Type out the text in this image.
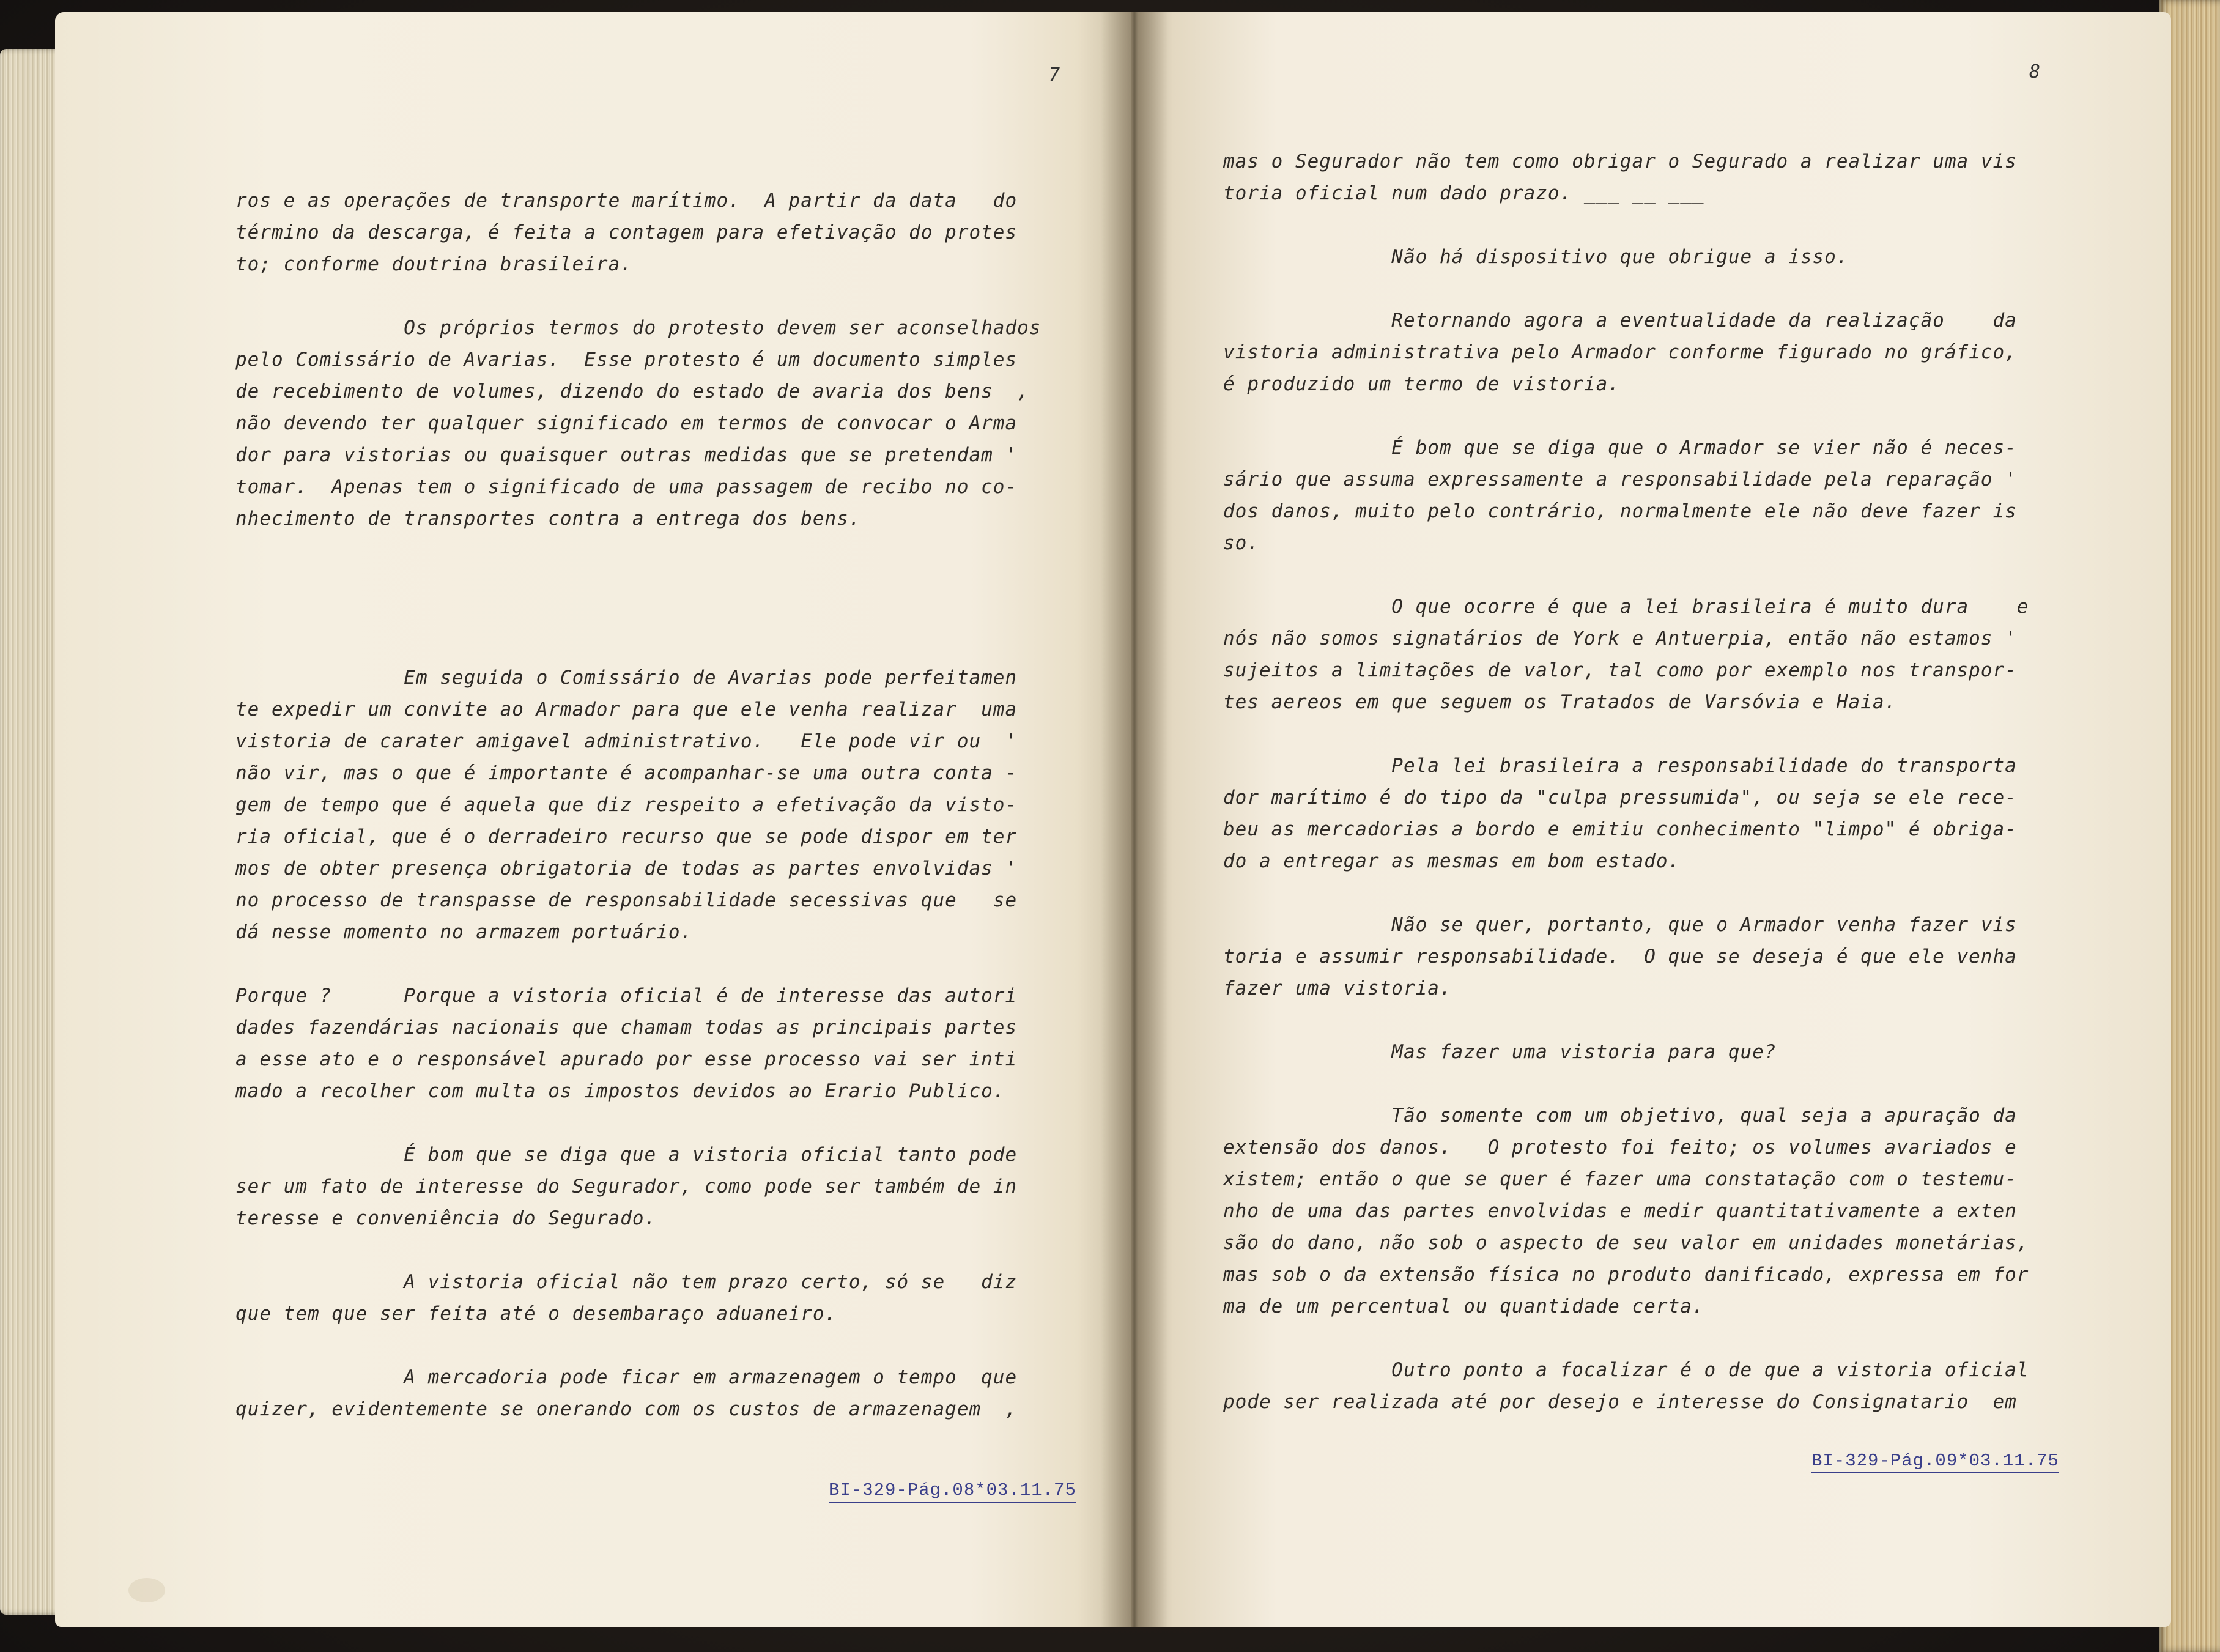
7
ros e as operações de transporte marítimo.  A partir da data   do
término da descarga, é feita a contagem para efetivação do protes
to; conforme doutrina brasileira.

Os próprios termos do protesto devem ser aconselhados
pelo Comissário de Avarias.  Esse protesto é um documento simples
de recebimento de volumes, dizendo do estado de avaria dos bens  ,
não devendo ter qualquer significado em termos de convocar o Arma
dor para vistorias ou quaisquer outras medidas que se pretendam '
tomar.  Apenas tem o significado de uma passagem de recibo no co-
nhecimento de transportes contra a entrega dos bens.

Em seguida o Comissário de Avarias pode perfeitamen
te expedir um convite ao Armador para que ele venha realizar  uma
vistoria de carater amigavel administrativo.   Ele pode vir ou  '
não vir, mas o que é importante é acompanhar-se uma outra conta -
gem de tempo que é aquela que diz respeito a efetivação da visto-
ria oficial, que é o derradeiro recurso que se pode dispor em ter
mos de obter presença obrigatoria de todas as partes envolvidas '
no processo de transpasse de responsabilidade secessivas que   se
dá nesse momento no armazem portuário.

Porque ?      Porque a vistoria oficial é de interesse das autori
dades fazendárias nacionais que chamam todas as principais partes
a esse ato e o responsável apurado por esse processo vai ser inti
mado a recolher com multa os impostos devidos ao Erario Publico.

É bom que se diga que a vistoria oficial tanto pode
ser um fato de interesse do Segurador, como pode ser também de in
teresse e conveniência do Segurado.

A vistoria oficial não tem prazo certo, só se   diz
que tem que ser feita até o desembaraço aduaneiro.

A mercadoria pode ficar em armazenagem o tempo  que
quizer, evidentemente se onerando com os custos de armazenagem  ,
BI-329-Pág.08*03.11.75
8
mas o Segurador não tem como obrigar o Segurado a realizar uma vis
toria oficial num dado prazo. ___ __ ___

Não há dispositivo que obrigue a isso.

Retornando agora a eventualidade da realização    da
vistoria administrativa pelo Armador conforme figurado no gráfico,
é produzido um termo de vistoria.

É bom que se diga que o Armador se vier não é neces-
sário que assuma expressamente a responsabilidade pela reparação '
dos danos, muito pelo contrário, normalmente ele não deve fazer is
so.

O que ocorre é que a lei brasileira é muito dura    e
nós não somos signatários de York e Antuerpia, então não estamos '
sujeitos a limitações de valor, tal como por exemplo nos transpor-
tes aereos em que seguem os Tratados de Varsóvia e Haia.

Pela lei brasileira a responsabilidade do transporta
dor marítimo é do tipo da "culpa pressumida", ou seja se ele rece-
beu as mercadorias a bordo e emitiu conhecimento "limpo" é obriga-
do a entregar as mesmas em bom estado.

Não se quer, portanto, que o Armador venha fazer vis
toria e assumir responsabilidade.  O que se deseja é que ele venha
fazer uma vistoria.

Mas fazer uma vistoria para que?

Tão somente com um objetivo, qual seja a apuração da
extensão dos danos.   O protesto foi feito; os volumes avariados e
xistem; então o que se quer é fazer uma constatação com o testemu-
nho de uma das partes envolvidas e medir quantitativamente a exten
são do dano, não sob o aspecto de seu valor em unidades monetárias,
mas sob o da extensão física no produto danificado, expressa em for
ma de um percentual ou quantidade certa.

Outro ponto a focalizar é o de que a vistoria oficial
pode ser realizada até por desejo e interesse do Consignatario  em
BI-329-Pág.09*03.11.75
